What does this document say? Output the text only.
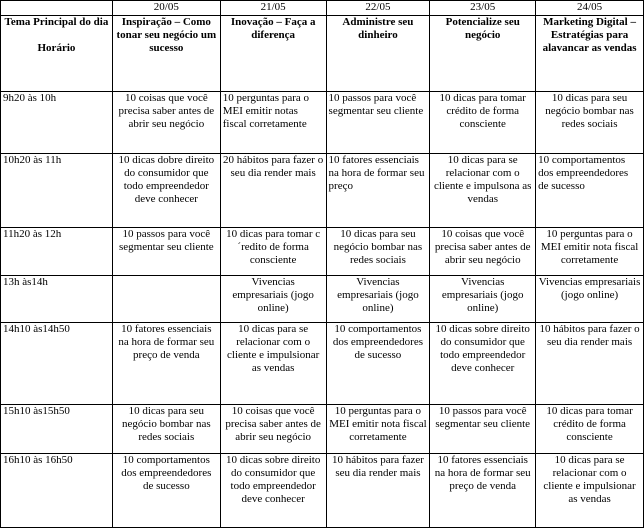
	20/05	21/05	22/05	23/05	24/05

Tema Principal do dia
Horário	Inspiração – Como tonar seu negócio um sucesso	Inovação – Faça a diferença	Administre seu dinheiro	Potencialize seu negócio	Marketing Digital – Estratégias para alavancar as vendas
9h20 às 10h	10 coisas que você precisa saber antes de abrir seu negócio	10 perguntas para o MEI emitir notas fiscal corretamente	10 passos para você segmentar seu cliente	10 dicas para tomar crédito de forma consciente	10 dicas para seu negócio bombar nas redes sociais
10h20 às 11h	10 dicas dobre direito do consumidor que todo empreendedor deve conhecer	20 hábitos para fazer o seu dia render mais	10 fatores essenciais na hora de formar seu preço	10 dicas para se relacionar com o cliente e impulsona as vendas	10 comportamentos dos empreendedores de sucesso
11h20 às 12h	10 passos para você segmentar seu cliente	10 dicas para tomar c´redito de forma consciente	10 dicas para seu negócio bombar nas redes sociais	10 coisas que você precisa saber antes de abrir seu negócio	10 perguntas para o MEI emitir nota fiscal corretamente
13h às14h		Vivencias empresariais (jogo online)	Vivencias empresariais (jogo online)	Vivencias empresariais (jogo online)	Vivencias empresariais (jogo online)
14h10 às14h50	10 fatores essenciais na hora de formar seu preço de venda	10 dicas para se relacionar com o cliente e impulsionar as vendas	10 comportamentos dos empreendedores de sucesso	10 dicas sobre direito do consumidor que todo empreendedor deve conhecer	10 hábitos para fazer o seu dia render mais
15h10 às15h50	10 dicas para seu negócio bombar nas redes sociais	10 coisas que você precisa saber antes de abrir seu negócio	10 perguntas para o MEI emitir nota fiscal corretamente	10 passos para você segmentar seu cliente	10 dicas para tomar crédito de forma consciente
16h10 às 16h50	10 comportamentos dos empreendedores de sucesso	10 dicas sobre direito do consumidor que todo empreendedor deve conhecer	10 hábitos para fazer seu dia render mais	10 fatores essenciais na hora de formar seu preço de venda	10 dicas para se relacionar com o cliente e impulsionar as vendas
